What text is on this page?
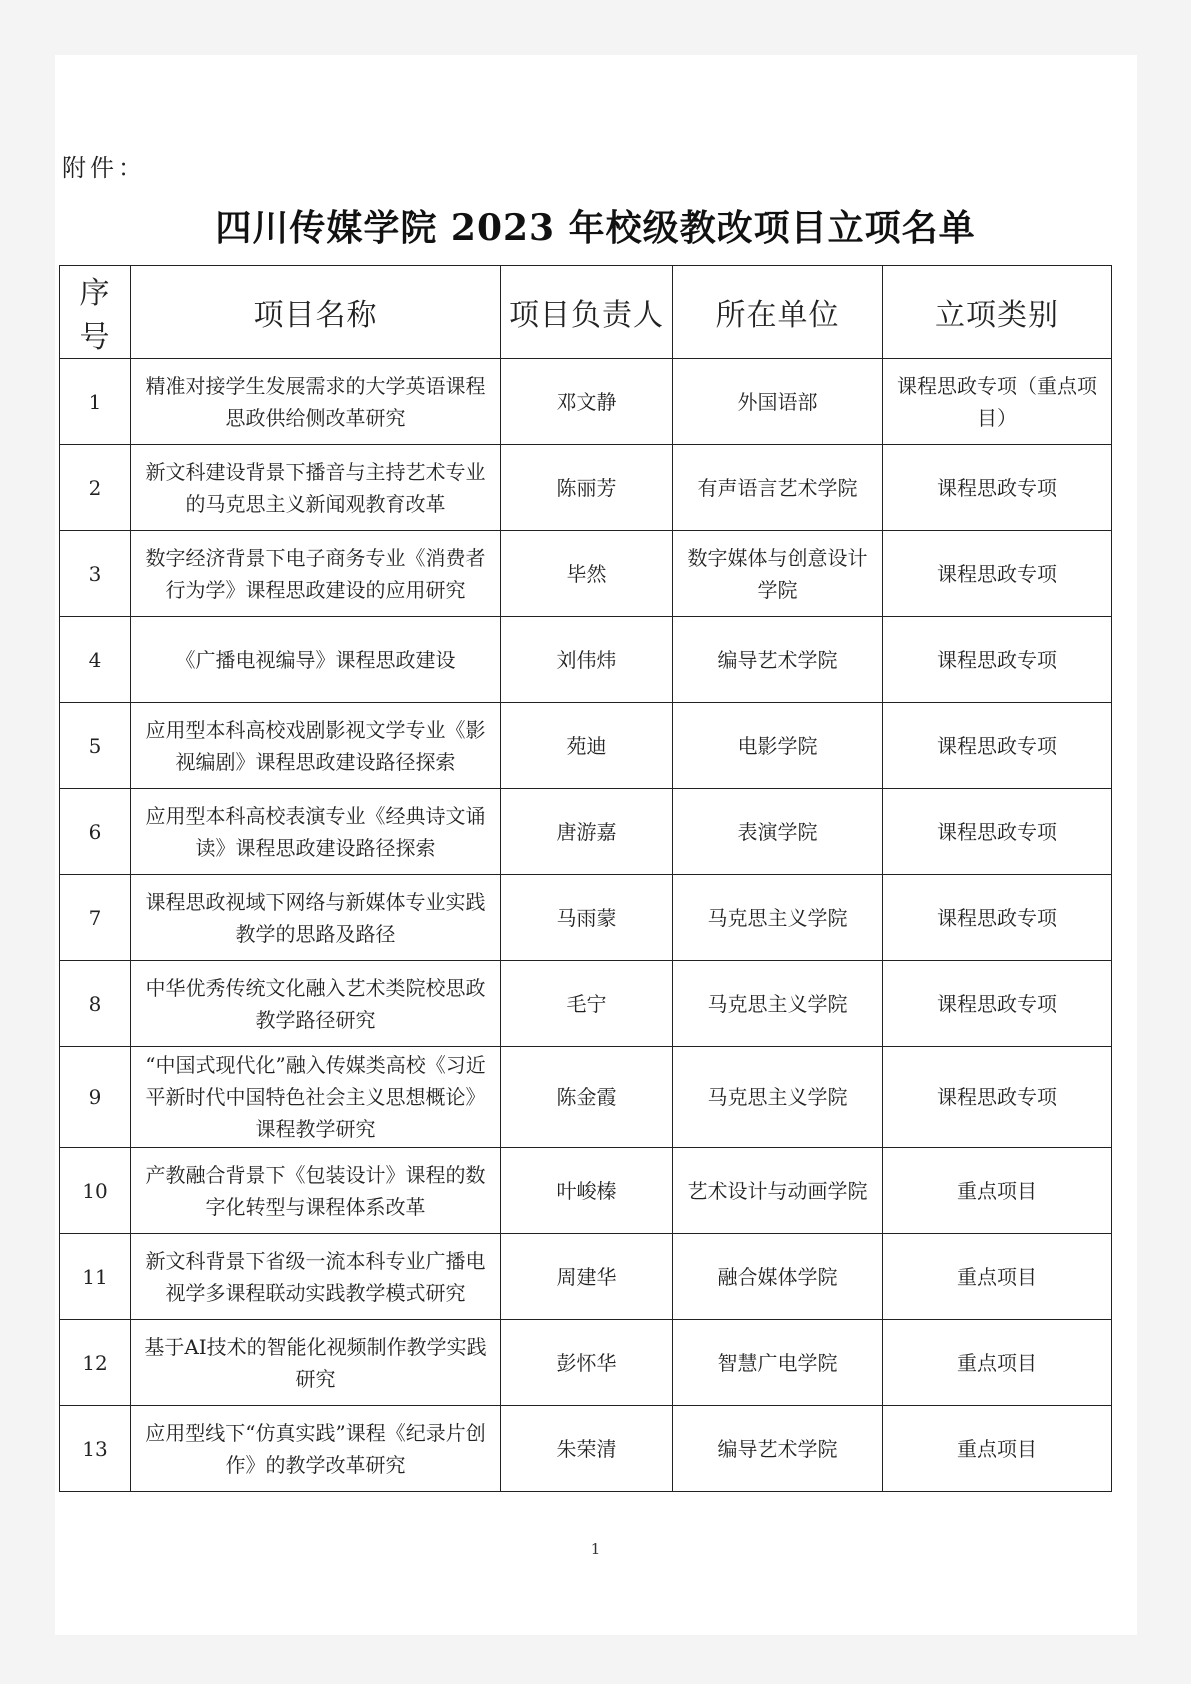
附件：
四川传媒学院 2023 年校级教改项目立项名单
序号	项目名称	项目负责人	所在单位	立项类别
1	精准对接学生发展需求的大学英语课程思政供给侧改革研究	邓文静	外国语部	课程思政专项（重点项目）
2	新文科建设背景下播音与主持艺术专业的马克思主义新闻观教育改革	陈丽芳	有声语言艺术学院	课程思政专项
3	数字经济背景下电子商务专业《消费者行为学》课程思政建设的应用研究	毕然	数字媒体与创意设计学院	课程思政专项
4	《广播电视编导》课程思政建设	刘伟炜	编导艺术学院	课程思政专项
5	应用型本科高校戏剧影视文学专业《影视编剧》课程思政建设路径探索	苑迪	电影学院	课程思政专项
6	应用型本科高校表演专业《经典诗文诵读》课程思政建设路径探索	唐游嘉	表演学院	课程思政专项
7	课程思政视域下网络与新媒体专业实践教学的思路及路径	马雨蒙	马克思主义学院	课程思政专项
8	中华优秀传统文化融入艺术类院校思政教学路径研究	毛宁	马克思主义学院	课程思政专项
9	“中国式现代化”融入传媒类高校《习近平新时代中国特色社会主义思想概论》课程教学研究	陈金霞	马克思主义学院	课程思政专项
10	产教融合背景下《包装设计》课程的数字化转型与课程体系改革	叶峻榛	艺术设计与动画学院	重点项目
11	新文科背景下省级一流本科专业广播电视学多课程联动实践教学模式研究	周建华	融合媒体学院	重点项目
12	基于AI技术的智能化视频制作教学实践研究	彭怀华	智慧广电学院	重点项目
13	应用型线下“仿真实践”课程《纪录片创作》的教学改革研究	朱荣清	编导艺术学院	重点项目
1
